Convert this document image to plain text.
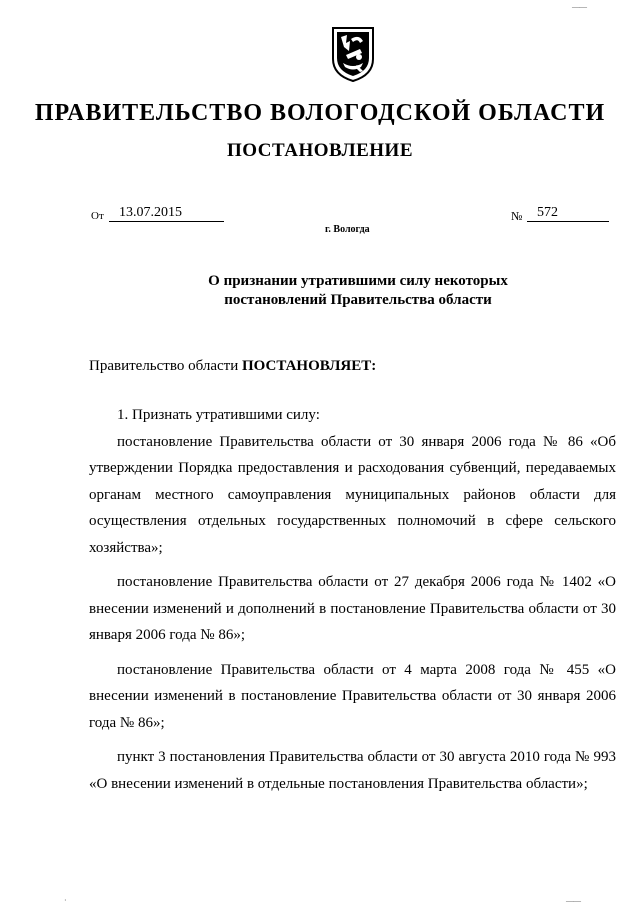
ПРАВИТЕЛЬСТВО ВОЛОГОДСКОЙ ОБЛАСТИ
ПОСТАНОВЛЕНИЕ
От	13.07.2015	№	572
г. Вологда
О признании утратившими силу некоторых
постановлений Правительства области
Правительство области ПОСТАНОВЛЯЕТ:

1. Признать утратившими силу:

постановление Правительства области от 30 января 2006 года № 86 «Об утверждении Порядка предоставления и расходования субвенций, передаваемых органам местного самоуправления муниципальных районов области для осуществления отдельных государственных полномочий в сфере сельского хозяйства»;

постановление Правительства области от 27 декабря 2006 года № 1402 «О внесении изменений и дополнений в постановление Правительства области от 30 января 2006 года № 86»;

постановление Правительства области от 4 марта 2008 года № 455 «О внесении изменений в постановление Правительства области от 30 января 2006 года № 86»;

пункт 3 постановления Правительства области от 30 августа 2010 года № 993 «О внесении изменений в отдельные постановления Правительства области»;

——
·	——
